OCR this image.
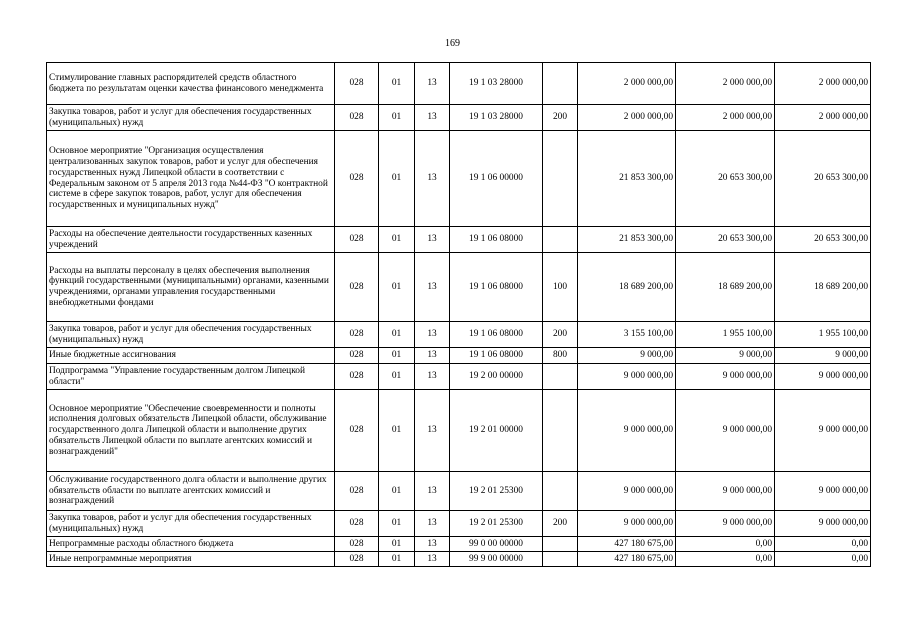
169
Стимулирование главных распорядителей средств областного бюджета по результатам оценки качества финансового менеджмента	028	01	13	19 1 03 28000		2 000 000,00	2 000 000,00	2 000 000,00
Закупка товаров, работ и услуг для обеспечения государственных (муниципальных) нужд	028	01	13	19 1 03 28000	200	2 000 000,00	2 000 000,00	2 000 000,00
Основное мероприятие "Организация осуществления централизованных закупок товаров, работ и услуг для обеспечения государственных нужд Липецкой области в соответствии с Федеральным законом от 5 апреля 2013 года №44-ФЗ "О контрактной системе в сфере закупок товаров, работ, услуг для обеспечения государственных и муниципальных нужд"	028	01	13	19 1 06 00000		21 853 300,00	20 653 300,00	20 653 300,00
Расходы на обеспечение деятельности государственных казенных учреждений	028	01	13	19 1 06 08000		21 853 300,00	20 653 300,00	20 653 300,00
Расходы на выплаты персоналу в целях обеспечения выполнения функций государственными (муниципальными) органами, казенными учреждениями, органами управления государственными внебюджетными фондами	028	01	13	19 1 06 08000	100	18 689 200,00	18 689 200,00	18 689 200,00
Закупка товаров, работ и услуг для обеспечения государственных (муниципальных) нужд	028	01	13	19 1 06 08000	200	3 155 100,00	1 955 100,00	1 955 100,00
Иные бюджетные ассигнования	028	01	13	19 1 06 08000	800	9 000,00	9 000,00	9 000,00
Подпрограмма "Управление государственным долгом Липецкой области"	028	01	13	19 2 00 00000		9 000 000,00	9 000 000,00	9 000 000,00
Основное мероприятие "Обеспечение своевременности и полноты исполнения долговых обязательств Липецкой области, обслуживание государственного долга Липецкой области и выполнение других обязательств Липецкой области по выплате агентских комиссий и вознаграждений"	028	01	13	19 2 01 00000		9 000 000,00	9 000 000,00	9 000 000,00
Обслуживание государственного долга области и выполнение других обязательств области по выплате агентских комиссий и вознаграждений	028	01	13	19 2 01 25300		9 000 000,00	9 000 000,00	9 000 000,00
Закупка товаров, работ и услуг для обеспечения государственных (муниципальных) нужд	028	01	13	19 2 01 25300	200	9 000 000,00	9 000 000,00	9 000 000,00
Непрограммные расходы областного бюджета	028	01	13	99 0 00 00000		427 180 675,00	0,00	0,00
Иные непрограммные мероприятия	028	01	13	99 9 00 00000		427 180 675,00	0,00	0,00
